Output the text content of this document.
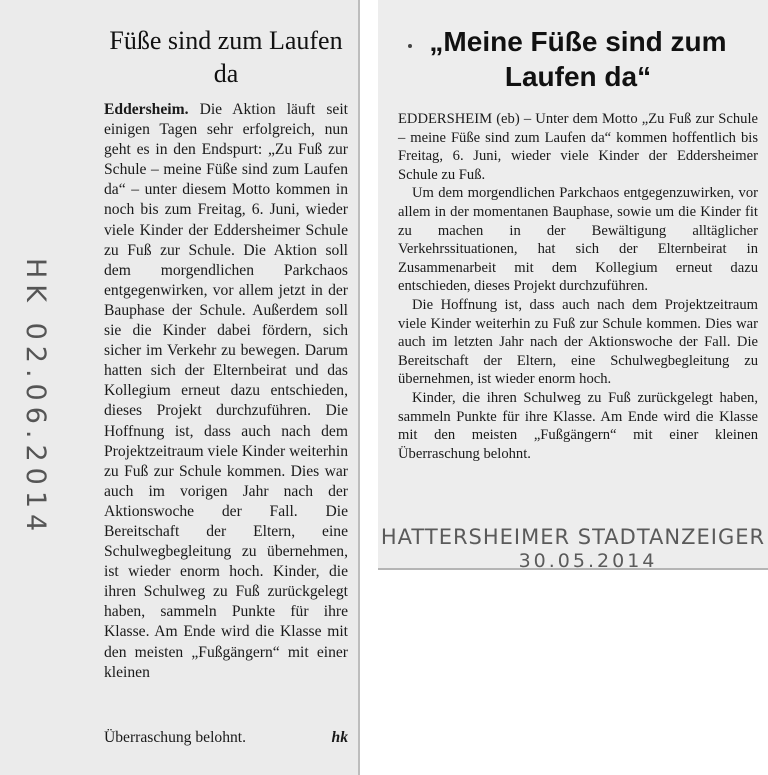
HK 02.06.2014
Füße sind zum Laufen da
Eddersheim. Die Aktion läuft seit einigen Tagen sehr erfolgreich, nun geht es in den Endspurt: „Zu Fuß zur Schule – meine Füße sind zum Laufen da“ – unter diesem Motto kommen in noch bis zum Freitag, 6. Juni, wieder viele Kinder der Eddersheimer Schule zu Fuß zur Schule. Die Aktion soll dem morgendlichen Parkchaos entgegenwirken, vor allem jetzt in der Bauphase der Schule. Außerdem soll sie die Kinder dabei fördern, sich sicher im Verkehr zu bewegen. Darum hatten sich der Elternbeirat und das Kollegium erneut dazu entschieden, dieses Projekt durchzuführen. Die Hoffnung ist, dass auch nach dem Projektzeitraum viele Kinder weiterhin zu Fuß zur Schule kommen. Dies war auch im vorigen Jahr nach der Aktionswoche der Fall. Die Bereitschaft der Eltern, eine Schulwegbegleitung zu übernehmen, ist wieder enorm hoch. Kinder, die ihren Schulweg zu Fuß zurückgelegt haben, sammeln Punkte für ihre Klasse. Am Ende wird die Klasse mit den meisten „Fußgängern“ mit einer kleinen
Überraschung belohnt.	hk
„Meine Füße sind zum Laufen da“

EDDERSHEIM (eb) – Unter dem Motto „Zu Fuß zur Schule – meine Füße sind zum Laufen da“ kommen hoffentlich bis Freitag, 6. Juni, wieder viele Kinder der Eddersheimer Schule zu Fuß.

Um dem morgendlichen Parkchaos entgegenzuwirken, vor allem in der momentanen Bauphase, sowie um die Kinder fit zu machen in der Bewältigung alltäglicher Verkehrssituationen, hat sich der Elternbeirat in Zusammenarbeit mit dem Kollegium erneut dazu entschieden, dieses Projekt durchzuführen.

Die Hoffnung ist, dass auch nach dem Projektzeitraum viele Kinder weiterhin zu Fuß zur Schule kommen. Dies war auch im letzten Jahr nach der Aktionswoche der Fall. Die Bereitschaft der Eltern, eine Schulwegbegleitung zu übernehmen, ist wieder enorm hoch.

Kinder, die ihren Schulweg zu Fuß zurückgelegt haben, sammeln Punkte für ihre Klasse. Am Ende wird die Klasse mit den meisten „Fußgängern“ mit einer kleinen Überraschung belohnt.

HATTERSHEIMER STADTANZEIGER
30.05.2014
